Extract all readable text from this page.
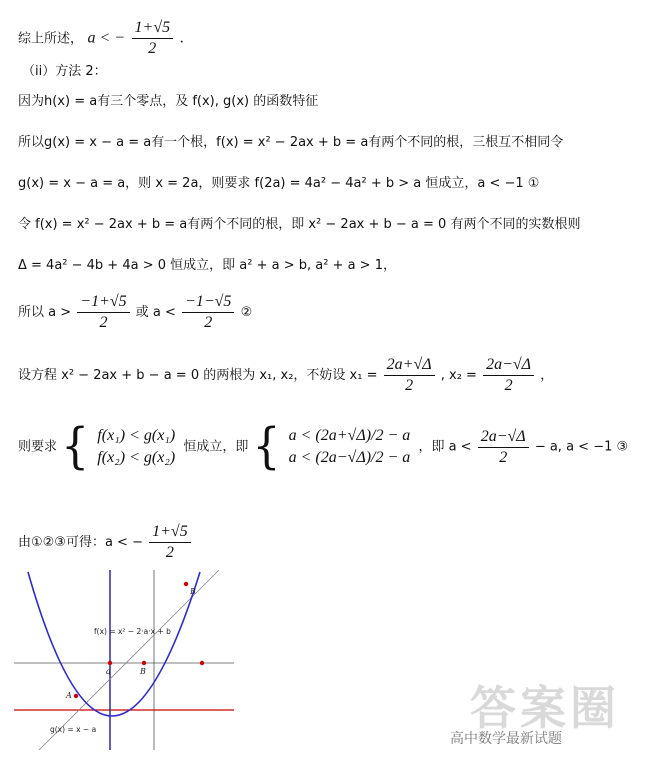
综上所述， a < − $\frac{1+√5}{2}$ .
（ii）方法 2：
因为h(x) = a有三个零点，及 f(x), g(x) 的函数特征
所以g(x) = x − a = a有一个根，f(x) = x² − 2ax + b = a有两个不同的根，三根互不相同令
g(x) = x − a = a，则 x = 2a，则要求 f(2a) = 4a² − 4a² + b > a 恒成立，a < −1 ①
令 f(x) = x² − 2ax + b = a有两个不同的根，即 x² − 2ax + b − a = 0 有两个不同的实数根则
Δ = 4a² − 4b + 4a > 0 恒成立，即 a² + a > b, a² + a > 1，
所以 $a > \frac{-1+√5}{2}$ 或 $a < \frac{-1-√5}{2}$ ②
设方程 x² − 2ax + b − a = 0 的两根为 x₁, x₂，不妨设 $x_1 = \frac{2a+√\Delta}{2}$ , $x_2 = \frac{2a-√\Delta}{2}$ ，
则要求 { f(x₁) < g(x₁)
f(x₂) < g(x₂)
恒成立，即 { a < (2a+√Δ)/2 − a
a < (2a−√Δ)/2 − a
，即 $a < \frac{2a-√\Delta}{2} - a$, a < −1 ③
由①②③可得：a < − $\frac{1+√5}{2}$
f(x) = x² − 2·a·x + b
g(x) = x − a
A
B
B
a
答案圈
高中数学最新试题
